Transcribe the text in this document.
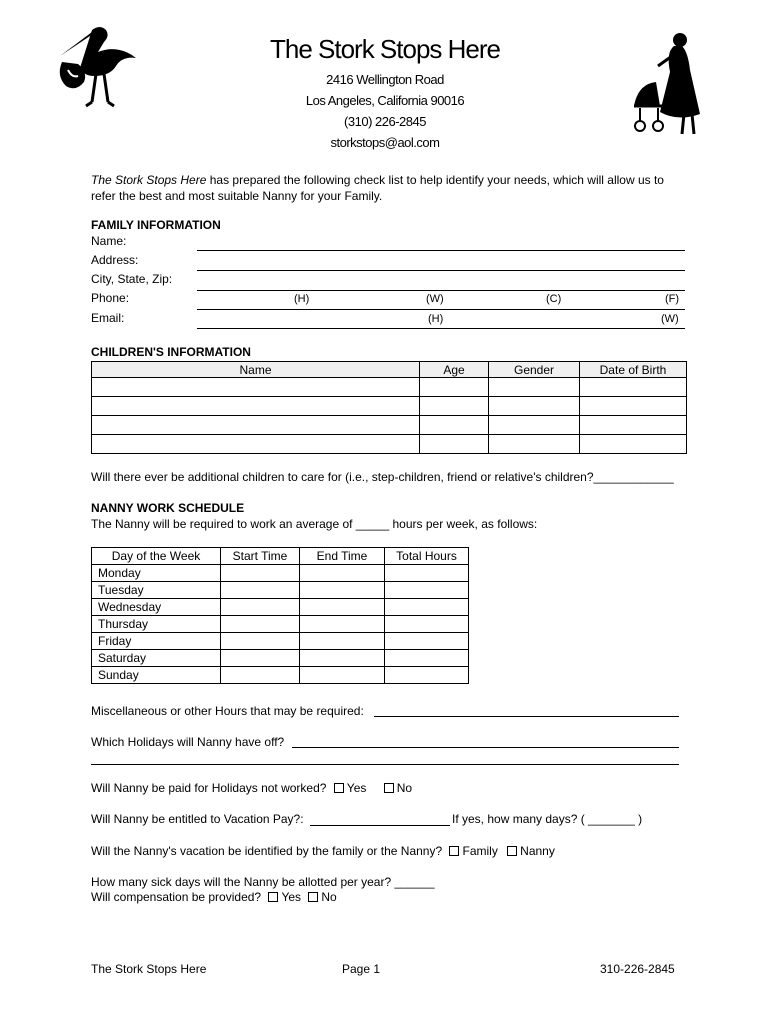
The Stork Stops Here
2416 Wellington Road
Los Angeles, California 90016
(310) 226-2845
storkstops@aol.com
The Stork Stops Here has prepared the following check list to help identify your needs, which will allow us to refer the best and most suitable Nanny for your Family.
FAMILY INFORMATION
Name:
Address:
City, State, Zip:
Phone:	(H)	(W)	(C)	(F)
Email:	(H)	(W)
CHILDREN'S INFORMATION
Name	Age	Gender	Date of Birth

Will there ever be additional children to care for (i.e., step-children, friend or relative's children?____________
NANNY WORK SCHEDULE
The Nanny will be required to work an average of _____ hours per week, as follows:
Day of the Week	Start Time	End Time	Total Hours
Monday			
Tuesday			
Wednesday			
Thursday			
Friday			
Saturday			
Sunday			
Miscellaneous or other Hours that may be required:
Which Holidays will Nanny have off?
Will Nanny be paid for Holidays not worked? Yes	No
Will Nanny be entitled to Vacation Pay?:	If yes, how many days? ( _______ )
Will the Nanny's vacation be identified by the family or the Nanny? Family Nanny
How many sick days will the Nanny be allotted per year? ______
Will compensation be provided? Yes No
The Stork Stops Here	Page 1	310-226-2845
